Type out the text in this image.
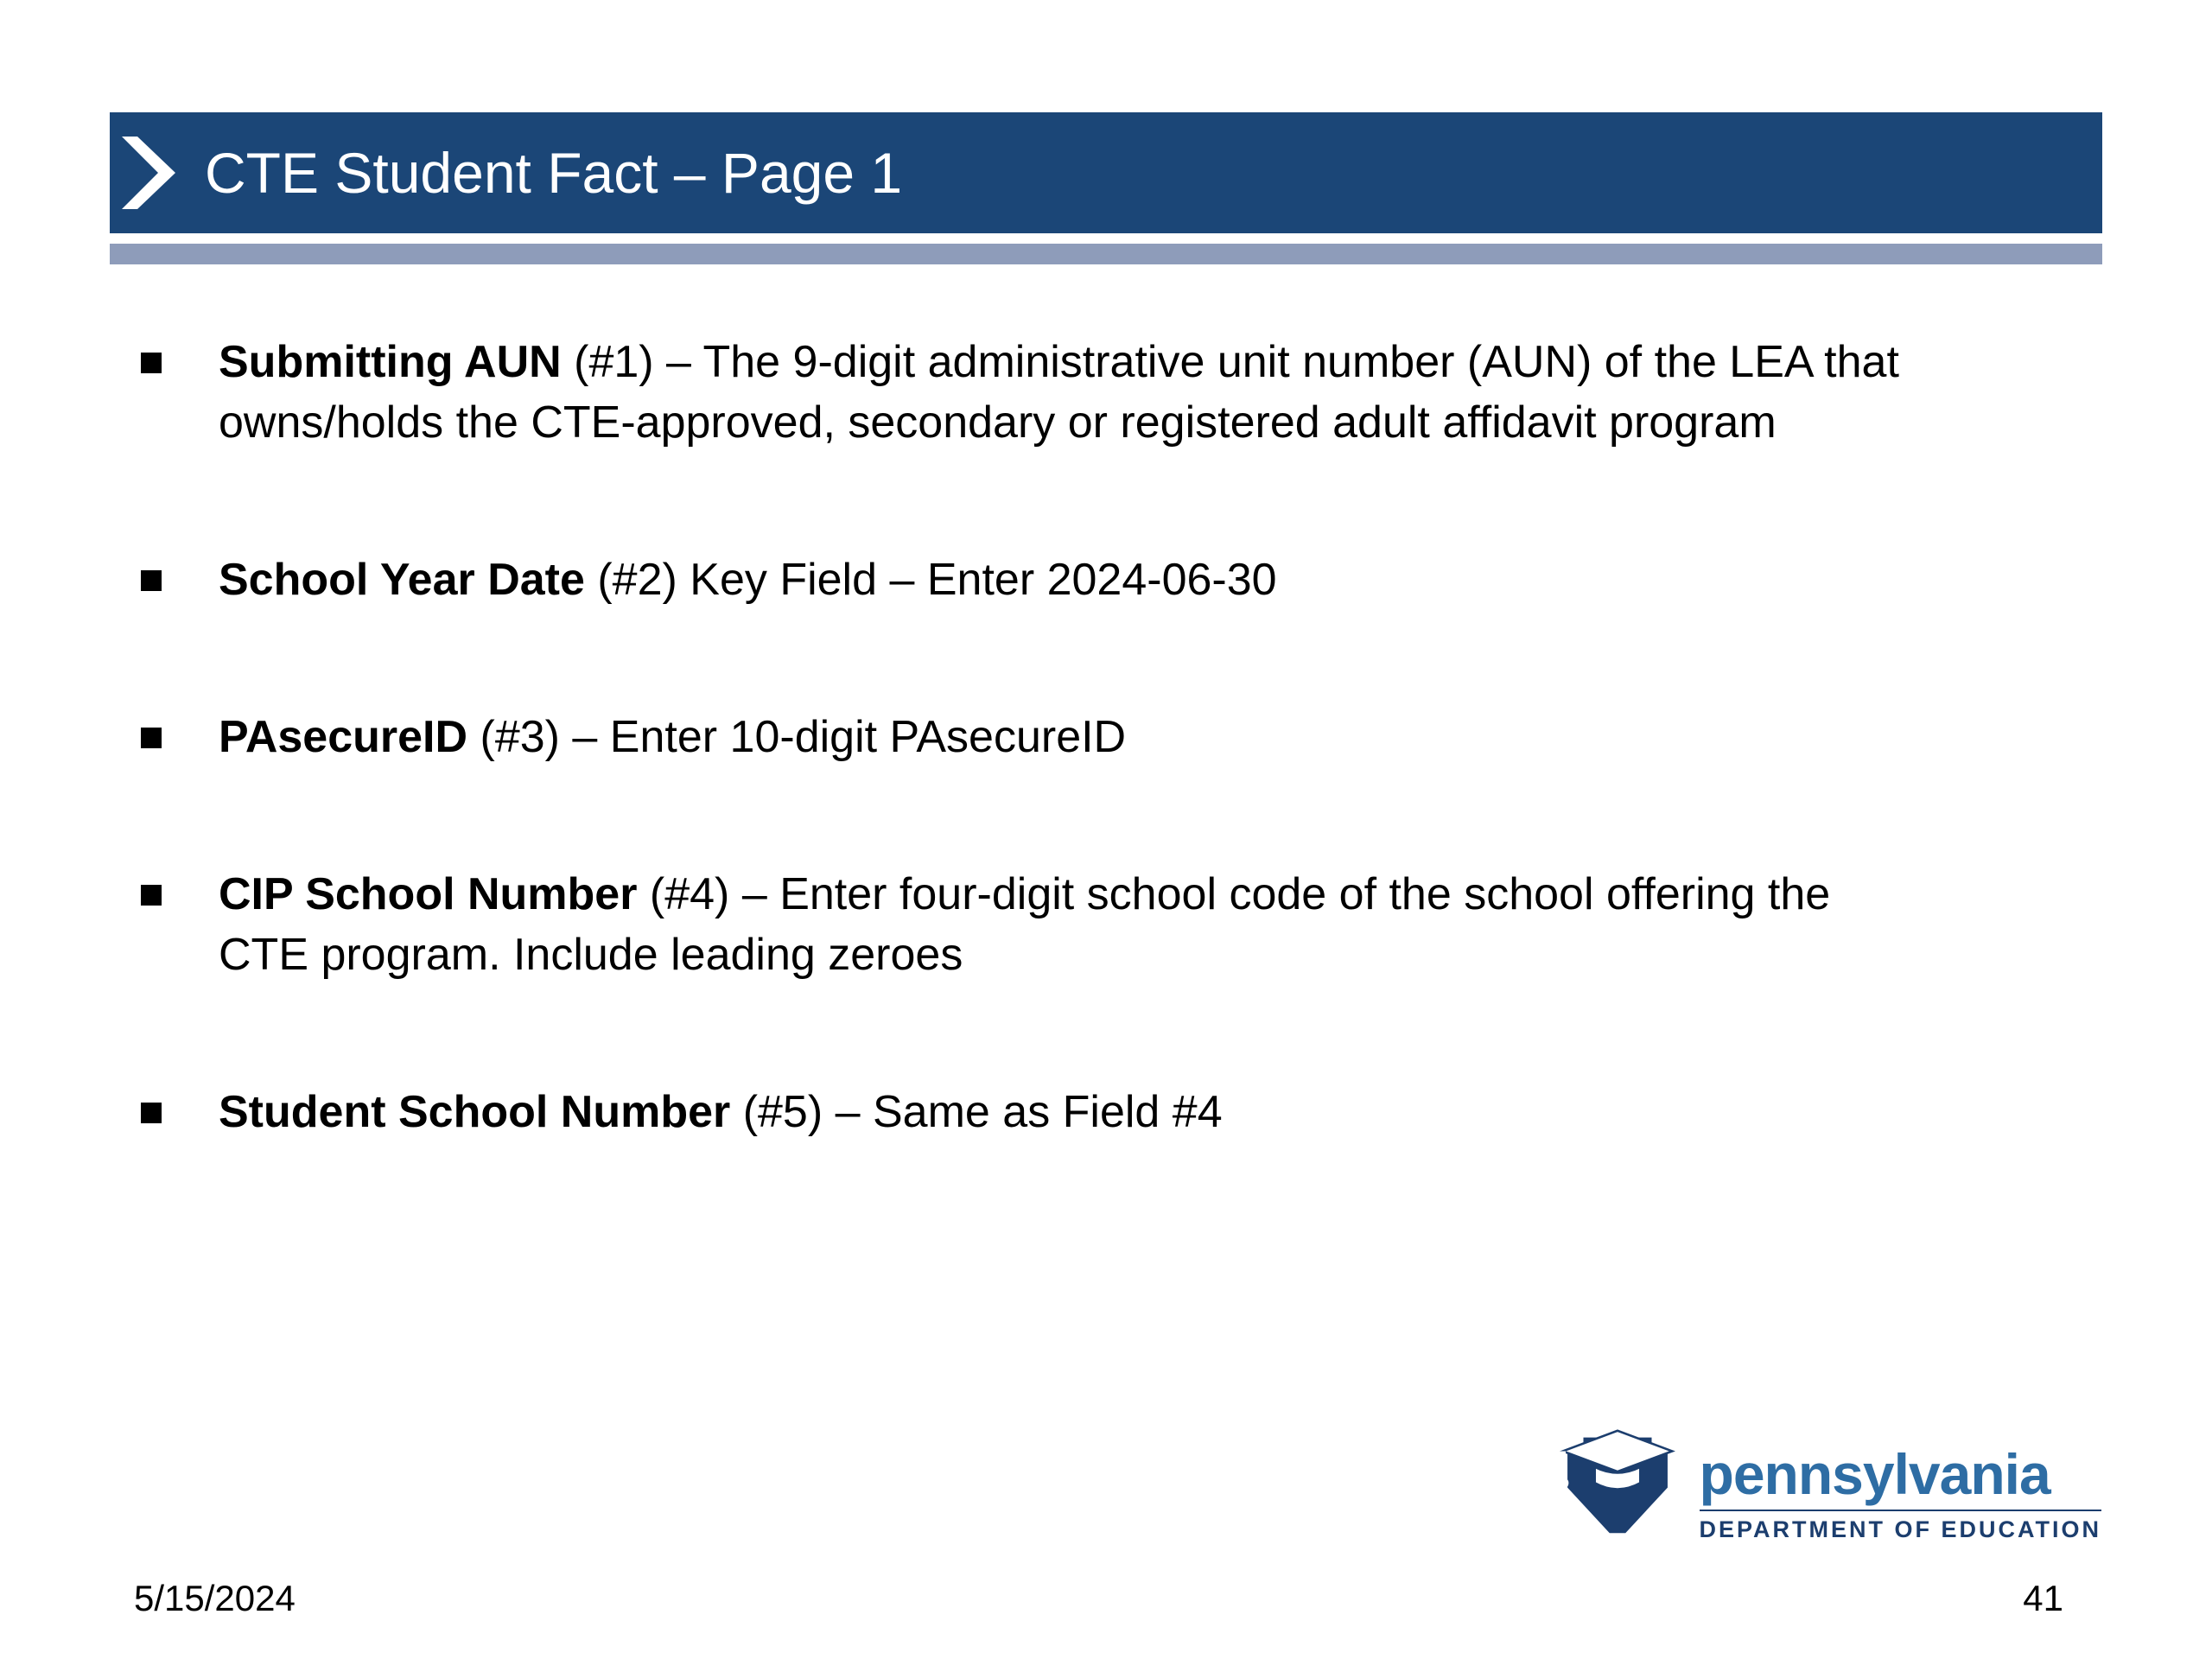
CTE Student Fact – Page 1

Submitting AUN (#1) – The 9-digit administrative unit number (AUN) of the LEA that owns/holds the CTE-approved, secondary or registered adult affidavit program

School Year Date (#2) Key Field – Enter 2024-06-30

PAsecureID (#3) – Enter 10-digit PAsecureID

CIP School Number (#4) – Enter four-digit school code of the school offering the CTE program. Include leading zeroes

Student School Number (#5) – Same as Field #4

pennsylvania
DEPARTMENT OF EDUCATION
5/15/2024	41
